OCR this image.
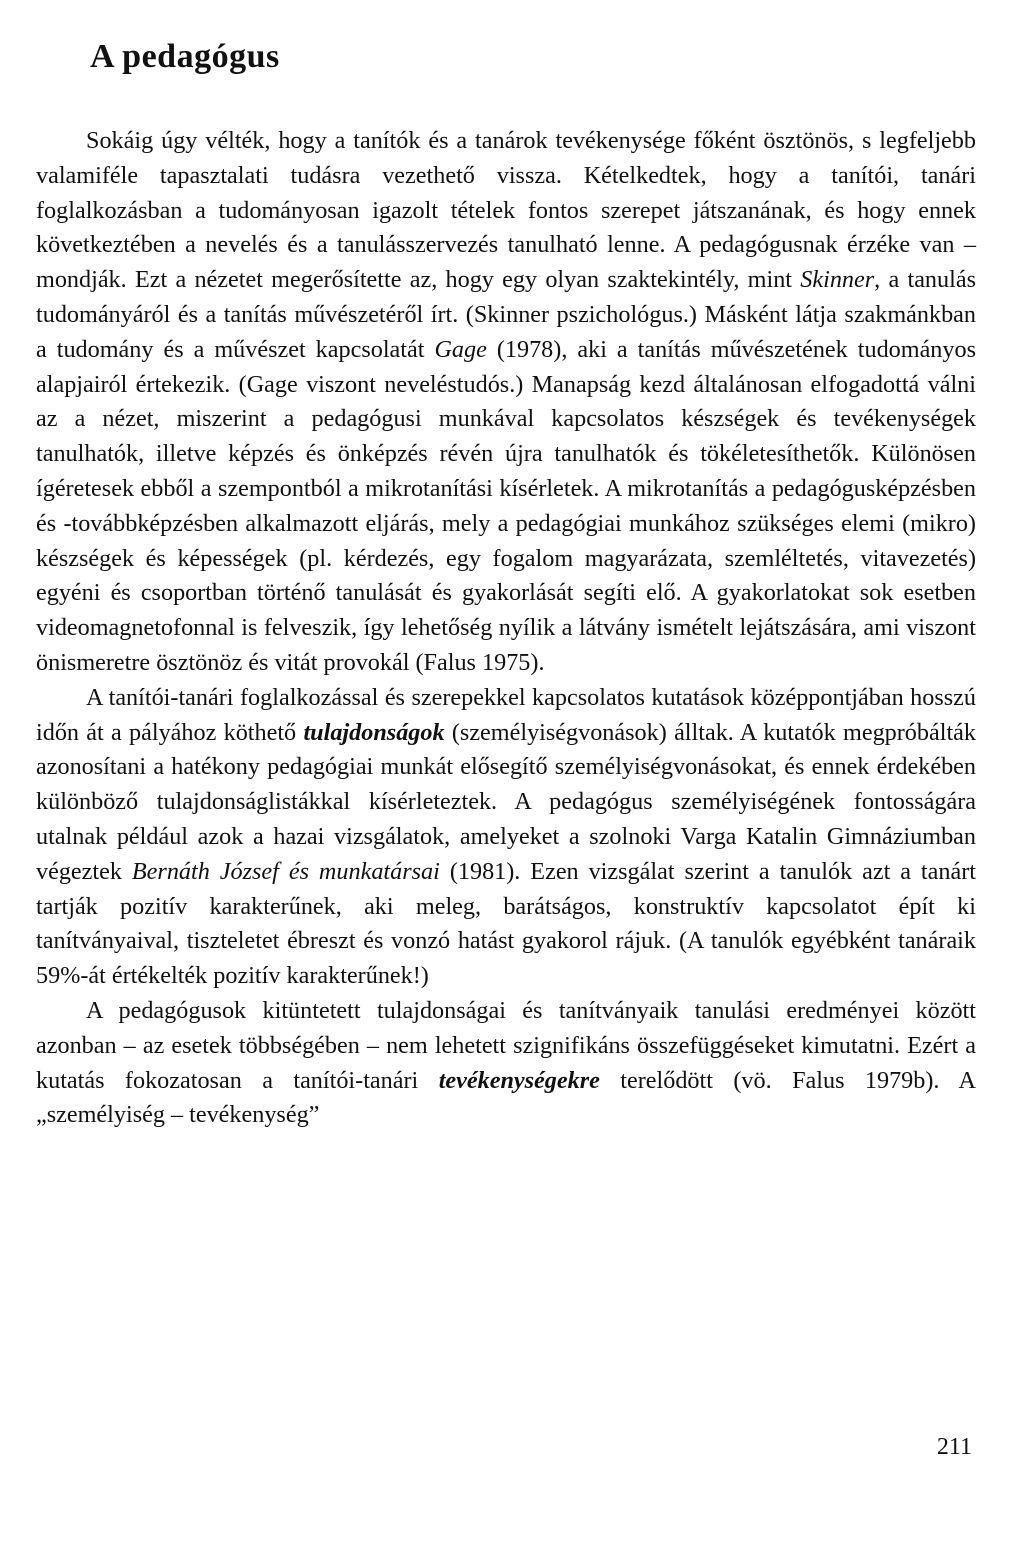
A pedagógus

Sokáig úgy vélték, hogy a tanítók és a tanárok tevékenysége főként ösztönös, s legfeljebb valamiféle tapasztalati tudásra vezethető vissza. Kételkedtek, hogy a tanítói, tanári foglalkozásban a tudományosan igazolt tételek fontos szerepet játszanának, és hogy ennek következtében a nevelés és a tanulásszervezés tanulható lenne. A pedagógusnak érzéke van – mondják. Ezt a nézetet megerősítette az, hogy egy olyan szaktekintély, mint Skinner, a tanulás tudományáról és a tanítás művészetéről írt. (Skinner pszichológus.) Másként látja szakmánkban a tudomány és a művészet kapcsolatát Gage (1978), aki a tanítás művészetének tudományos alapjairól értekezik. (Gage viszont neveléstudós.) Manapság kezd általánosan elfogadottá válni az a nézet, miszerint a pedagógusi munkával kapcsolatos készségek és tevékenységek tanulhatók, illetve képzés és önképzés révén újra tanulhatók és tökéletesíthetők. Különösen ígéretesek ebből a szempontból a mikrotanítási kísérletek. A mikrotanítás a pedagógusképzésben és -továbbképzésben alkalmazott eljárás, mely a pedagógiai munkához szükséges elemi (mikro) készségek és képességek (pl. kérdezés, egy fogalom magyarázata, szemléltetés, vitavezetés) egyéni és csoportban történő tanulását és gyakorlását segíti elő. A gyakorlatokat sok esetben videomagnetofonnal is felveszik, így lehetőség nyílik a látvány ismételt lejátszására, ami viszont önismeretre ösztönöz és vitát provokál (Falus 1975).

A tanítói-tanári foglalkozással és szerepekkel kapcsolatos kutatások középpontjában hosszú időn át a pályához köthető tulajdonságok (személyiségvonások) álltak. A kutatók megpróbálták azonosítani a hatékony pedagógiai munkát elősegítő személyiségvonásokat, és ennek érdekében különböző tulajdonságlistákkal kísérleteztek. A pedagógus személyiségének fontosságára utalnak például azok a hazai vizsgálatok, amelyeket a szolnoki Varga Katalin Gimnáziumban végeztek Bernáth József és munkatársai (1981). Ezen vizsgálat szerint a tanulók azt a tanárt tartják pozitív karakterűnek, aki meleg, barátságos, konstruktív kapcsolatot épít ki tanítványaival, tiszteletet ébreszt és vonzó hatást gyakorol rájuk. (A tanulók egyébként tanáraik 59%-át értékelték pozitív karakterűnek!)

A pedagógusok kitüntetett tulajdonságai és tanítványaik tanulási eredményei között azonban – az esetek többségében – nem lehetett szignifikáns összefüggéseket kimutatni. Ezért a kutatás fokozatosan a tanítói-tanári tevékenységekre terelődött (vö. Falus 1979b). A „személyiség – tevékenység”

211
